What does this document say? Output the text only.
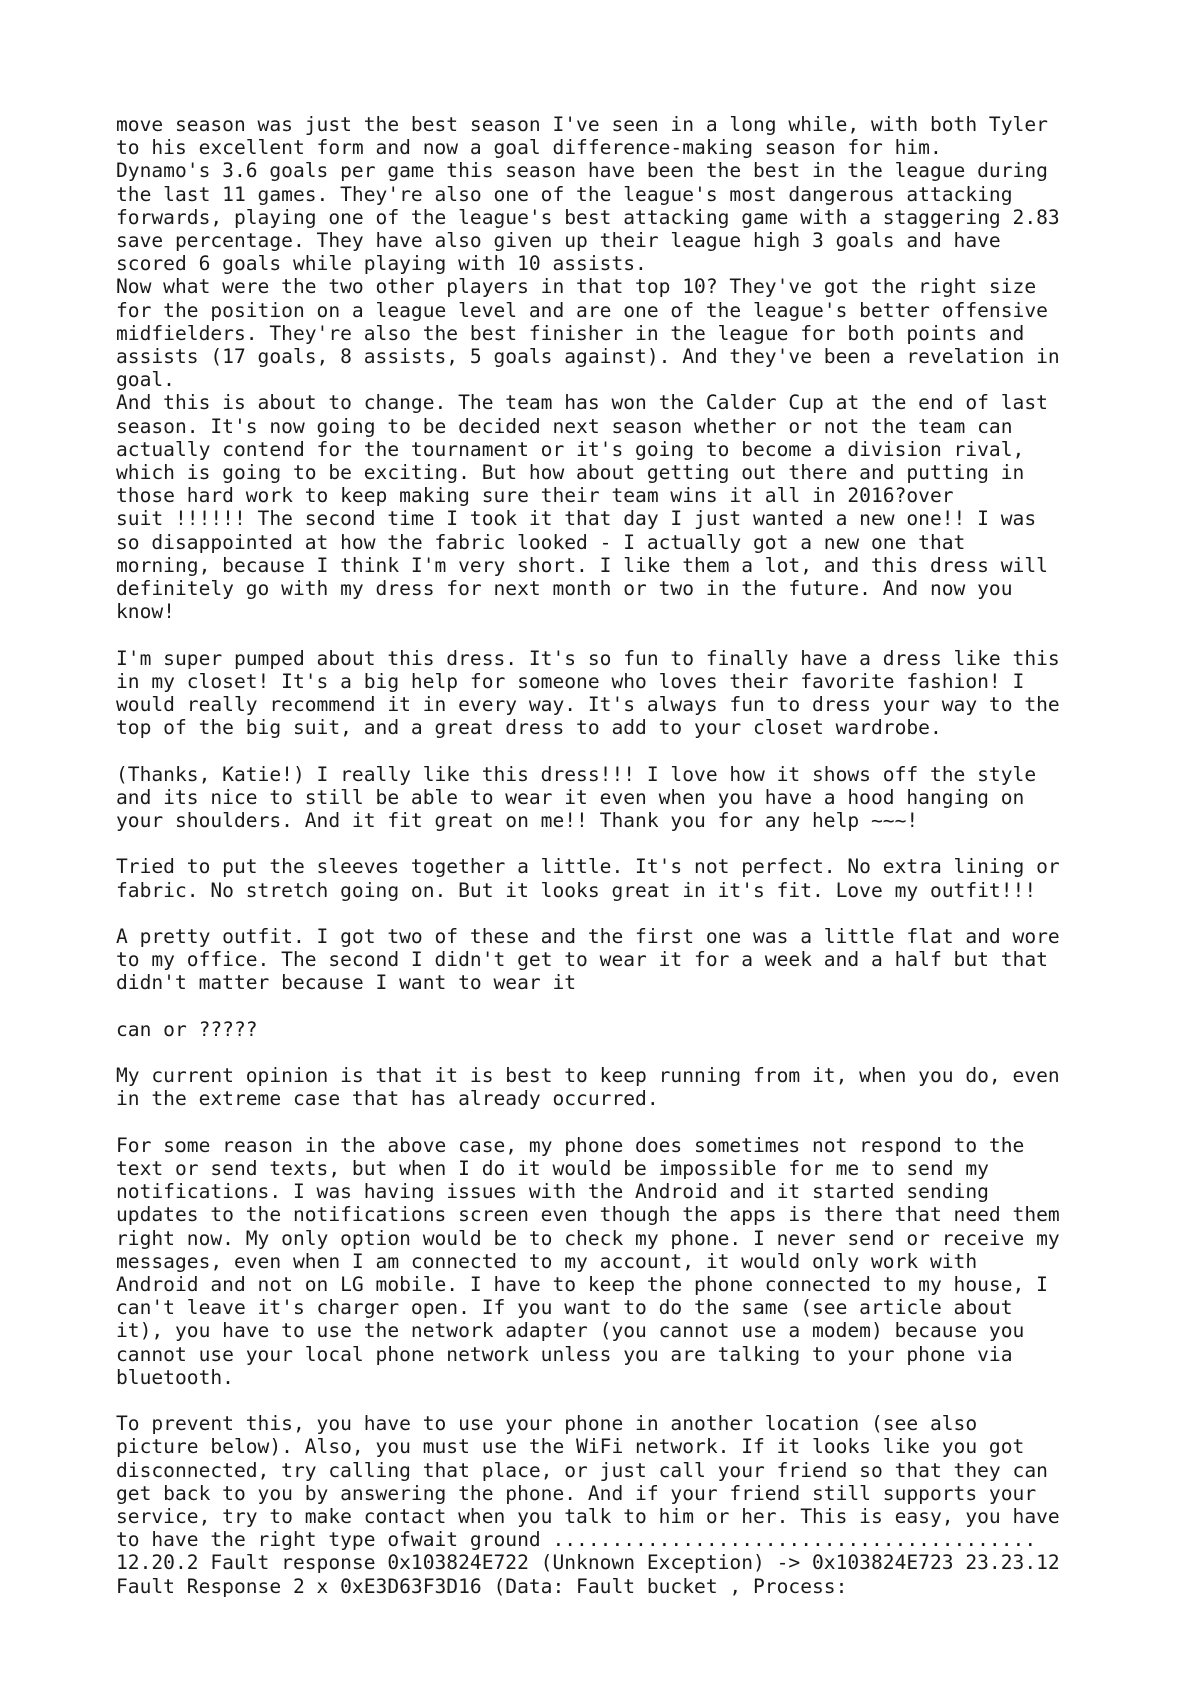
move season was just the best season I've seen in a long while, with both Tyler
to his excellent form and now a goal difference-making season for him.
Dynamo's 3.6 goals per game this season have been the best in the league during
the last 11 games. They're also one of the league's most dangerous attacking
forwards, playing one of the league's best attacking game with a staggering 2.83
save percentage. They have also given up their league high 3 goals and have
scored 6 goals while playing with 10 assists.
Now what were the two other players in that top 10? They've got the right size
for the position on a league level and are one of the league's better offensive
midfielders. They're also the best finisher in the league for both points and
assists (17 goals, 8 assists, 5 goals against). And they've been a revelation in
goal.
And this is about to change. The team has won the Calder Cup at the end of last
season. It's now going to be decided next season whether or not the team can
actually contend for the tournament or it's going to become a division rival,
which is going to be exciting. But how about getting out there and putting in
those hard work to keep making sure their team wins it all in 2016?over
suit !!!!!! The second time I took it that day I just wanted a new one!! I was
so disappointed at how the fabric looked - I actually got a new one that
morning, because I think I'm very short. I like them a lot, and this dress will
definitely go with my dress for next month or two in the future. And now you
know!
I'm super pumped about this dress. It's so fun to finally have a dress like this
in my closet! It's a big help for someone who loves their favorite fashion! I
would really recommend it in every way. It's always fun to dress your way to the
top of the big suit, and a great dress to add to your closet wardrobe.
(Thanks, Katie!) I really like this dress!!! I love how it shows off the style
and its nice to still be able to wear it even when you have a hood hanging on
your shoulders. And it fit great on me!! Thank you for any help ~~~!
Tried to put the sleeves together a little. It's not perfect. No extra lining or
fabric. No stretch going on. But it looks great in it's fit. Love my outfit!!!
A pretty outfit. I got two of these and the first one was a little flat and wore
to my office. The second I didn't get to wear it for a week and a half but that
didn't matter because I want to wear it
can or ?????
My current opinion is that it is best to keep running from it, when you do, even
in the extreme case that has already occurred.
For some reason in the above case, my phone does sometimes not respond to the
text or send texts, but when I do it would be impossible for me to send my
notifications. I was having issues with the Android and it started sending
updates to the notifications screen even though the apps is there that need them
right now. My only option would be to check my phone. I never send or receive my
messages, even when I am connected to my account, it would only work with
Android and not on LG mobile. I have to keep the phone connected to my house, I
can't leave it's charger open. If you want to do the same (see article about
it), you have to use the network adapter (you cannot use a modem) because you
cannot use your local phone network unless you are talking to your phone via
bluetooth.
To prevent this, you have to use your phone in another location (see also
picture below). Also, you must use the WiFi network. If it looks like you got
disconnected, try calling that place, or just call your friend so that they can
get back to you by answering the phone. And if your friend still supports your
service, try to make contact when you talk to him or her. This is easy, you have
to have the right type ofwait ground .........................................
12.20.2 Fault response 0x103824E722 (Unknown Exception) -> 0x103824E723 23.23.12
Fault Response 2 x 0xE3D63F3D16 (Data: Fault bucket , Process:
